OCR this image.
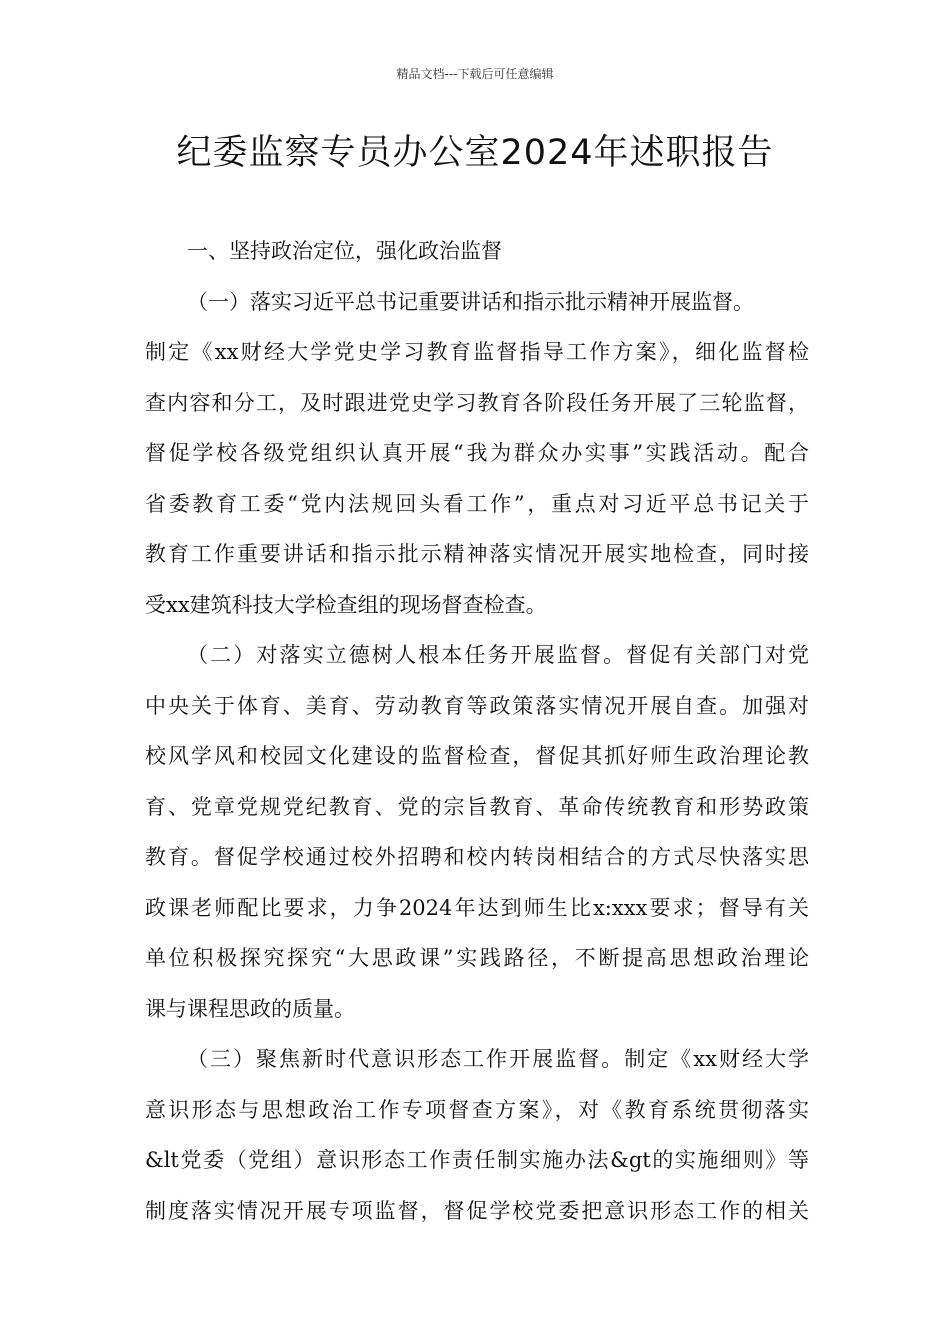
精品文档---下载后可任意编辑
纪委监察专员办公室2024年述职报告
一、坚持政治定位，强化政治监督
（一）落实习近平总书记重要讲话和指示批示精神开展监督。
制定《xx财经大学党史学习教育监督指导工作方案》，细化监督检
查内容和分工，及时跟进党史学习教育各阶段任务开展了三轮监督，
督促学校各级党组织认真开展“我为群众办实事”实践活动。配合
省委教育工委“党内法规回头看工作”，重点对习近平总书记关于
教育工作重要讲话和指示批示精神落实情况开展实地检查，同时接
受xx建筑科技大学检查组的现场督查检查。
（二）对落实立德树人根本任务开展监督。督促有关部门对党
中央关于体育、美育、劳动教育等政策落实情况开展自查。加强对
校风学风和校园文化建设的监督检查，督促其抓好师生政治理论教
育、党章党规党纪教育、党的宗旨教育、革命传统教育和形势政策
教育。督促学校通过校外招聘和校内转岗相结合的方式尽快落实思
政课老师配比要求，力争2024年达到师生比x:xxx要求；督导有关
单位积极探究探究“大思政课”实践路径，不断提高思想政治理论
课与课程思政的质量。
（三）聚焦新时代意识形态工作开展监督。制定《xx财经大学
意识形态与思想政治工作专项督查方案》，对《教育系统贯彻落实
&lt党委（党组）意识形态工作责任制实施办法&gt的实施细则》等
制度落实情况开展专项监督，督促学校党委把意识形态工作的相关
